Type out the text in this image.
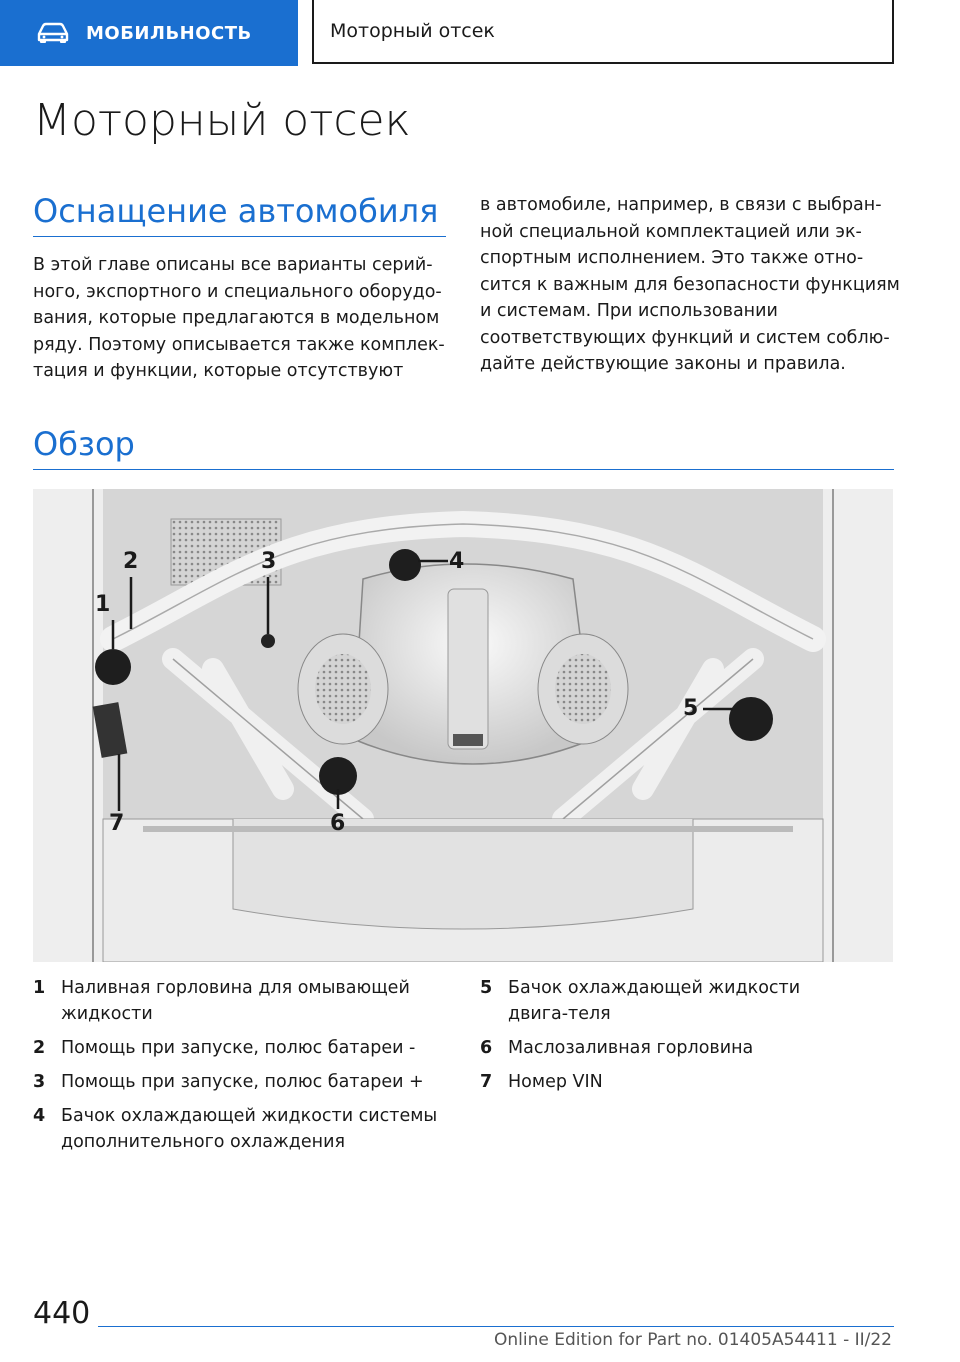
МОБИЛЬНОСТЬ	Моторный отсек
Моторный отсек
Оснащение автомобиля

В этой главе описаны все варианты серий-ного, экспортного и специального оборудо-вания, которые предлагаются в модельном ряду. Поэтому описывается также комплек-тация и функции, которые отсутствуют

в автомобиле, например, в связи с выбран-ной специальной комплектацией или эк-спортным исполнением. Это также отно-сится к важным для безопасности функциям и системам. При использовании соответствующих функций и систем соблю-дайте действующие законы и правила.

Обзор
1
2	3	4
5
6
7
1 Наливная горловина для омывающей жидкости
2 Помощь при запуске, полюс батареи -
3 Помощь при запуске, полюс батареи +
4 Бачок охлаждающей жидкости системы дополнительного охлаждения
5 Бачок охлаждающей жидкости двига-теля
6 Маслозаливная горловина
7 Номер VIN
440
Online Edition for Part no. 01405A54411 - II/22
